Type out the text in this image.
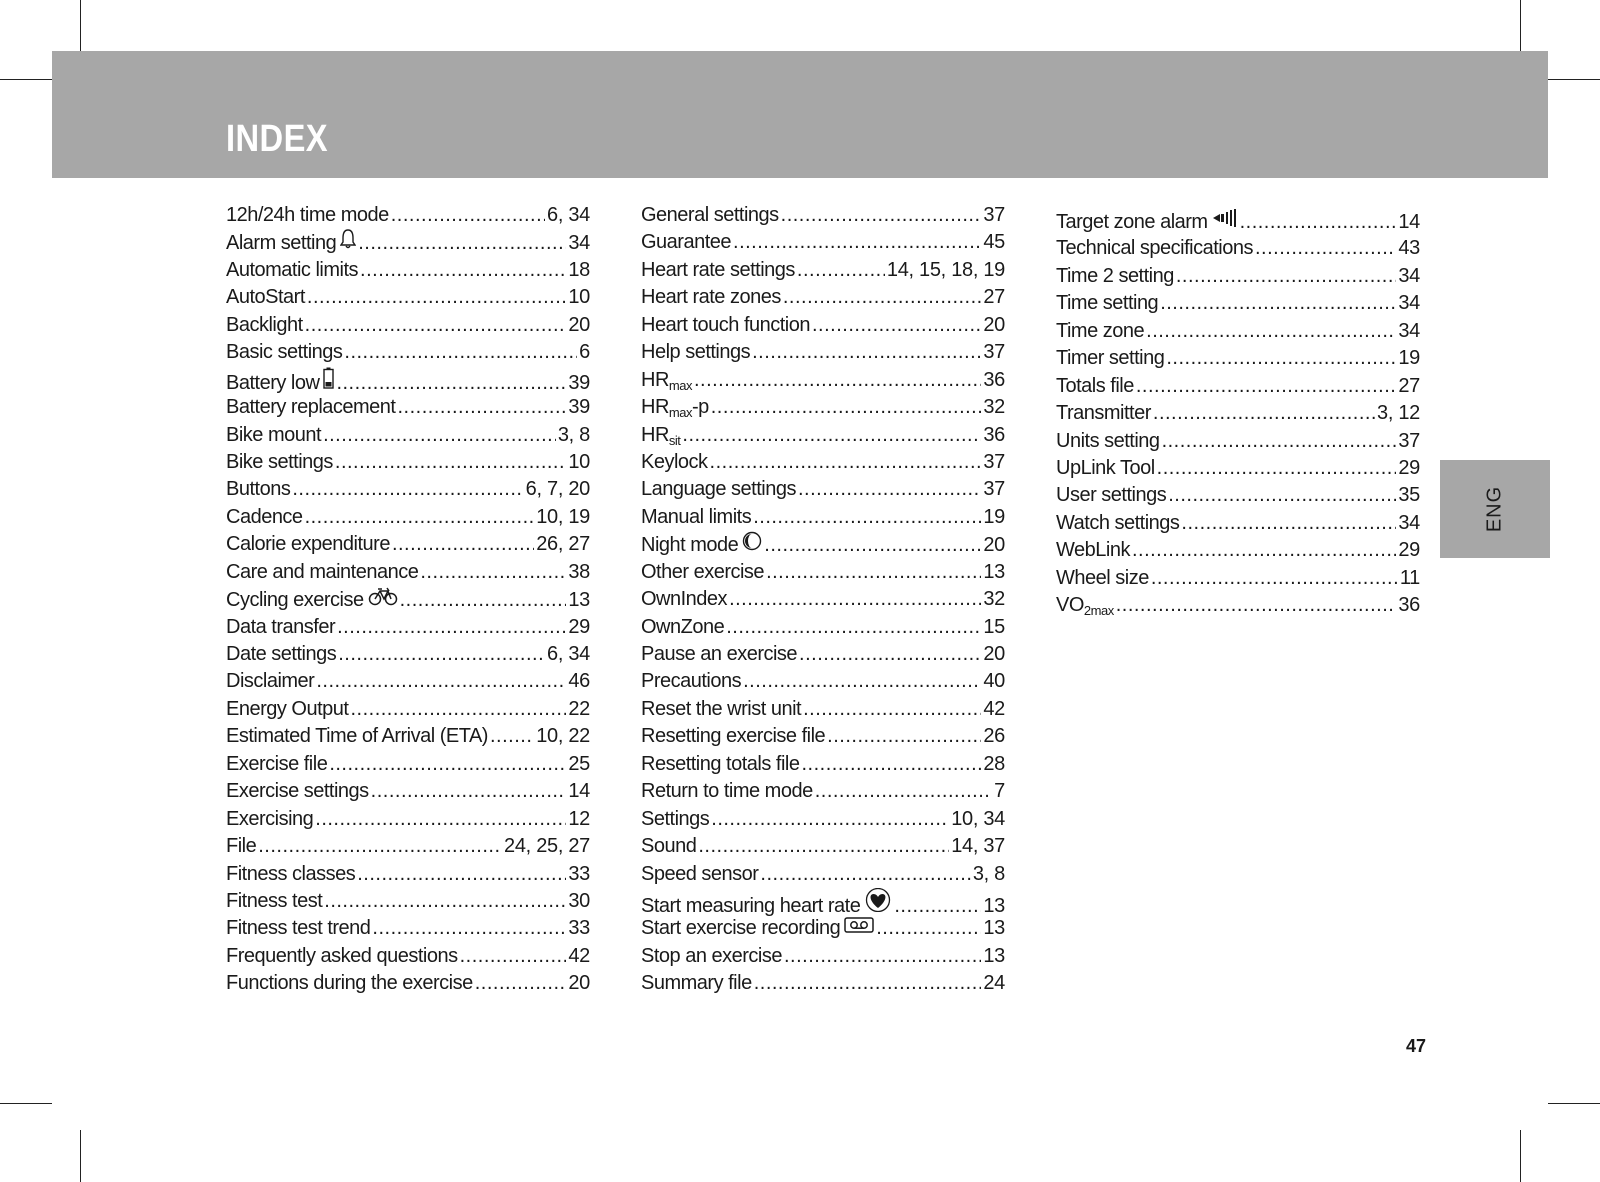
INDEX
12h/24h time mode .....	6, 34
Alarm setting .....	34
Automatic limits .....	18
AutoStart .....	10
Backlight .....	20
Basic settings .....	6
Battery low .....	39
Battery replacement .....	39
Bike mount .....	3, 8
Bike settings .....	10
Buttons .....	6, 7, 20
Cadence .....	10, 19
Calorie expenditure .....	26, 27
Care and maintenance .....	38
Cycling exercise .....	13
Data transfer .....	29
Date settings .....	6, 34
Disclaimer .....	46
Energy Output .....	22
Estimated Time of Arrival (ETA) ..... 10, 22
Exercise file .....	25
Exercise settings .....	14
Exercising .....	12
File .....	24, 25, 27
Fitness classes .....	33
Fitness test .....	30
Fitness test trend .....	33
Frequently asked questions .....	42
Functions during the exercise .....	20
General settings .....	37
Guarantee .....	45
Heart rate settings .....	14, 15, 18, 19
Heart rate zones .....	27
Heart touch function .....	20
Help settings .....	37
$HR_{max}$ .....	36
$HR_{max}-p$ .....	32
$HR_{sit}$ .....	36
Keylock .....	37
Language settings .....	37
Manual limits .....	19
Night mode .....	20
Other exercise .....	13
OwnIndex .....	32
OwnZone .....	15
Pause an exercise .....	20
Precautions .....	40
Reset the wrist unit .....	42
Resetting exercise file .....	26
Resetting totals file .....	28
Return to time mode .....	7
Settings .....	10, 34
Sound .....	14, 37
Speed sensor .....	3, 8
Start measuring heart rate .....	13
Start exercise recording .....	13
Stop an exercise .....	13
Summary file .....	24
Target zone alarm .....	14
Technical specifications .....	43
Time 2 setting .....	34
Time setting .....	34
Time zone .....	34
Timer setting .....	19
Totals file .....	27
Transmitter .....	3, 12
Units setting .....	37
UpLink Tool .....	29
User settings .....	35
Watch settings .....	34
WebLink .....	29
Wheel size .....	11
$VO_{2max}$ .....	36
ENG
47
